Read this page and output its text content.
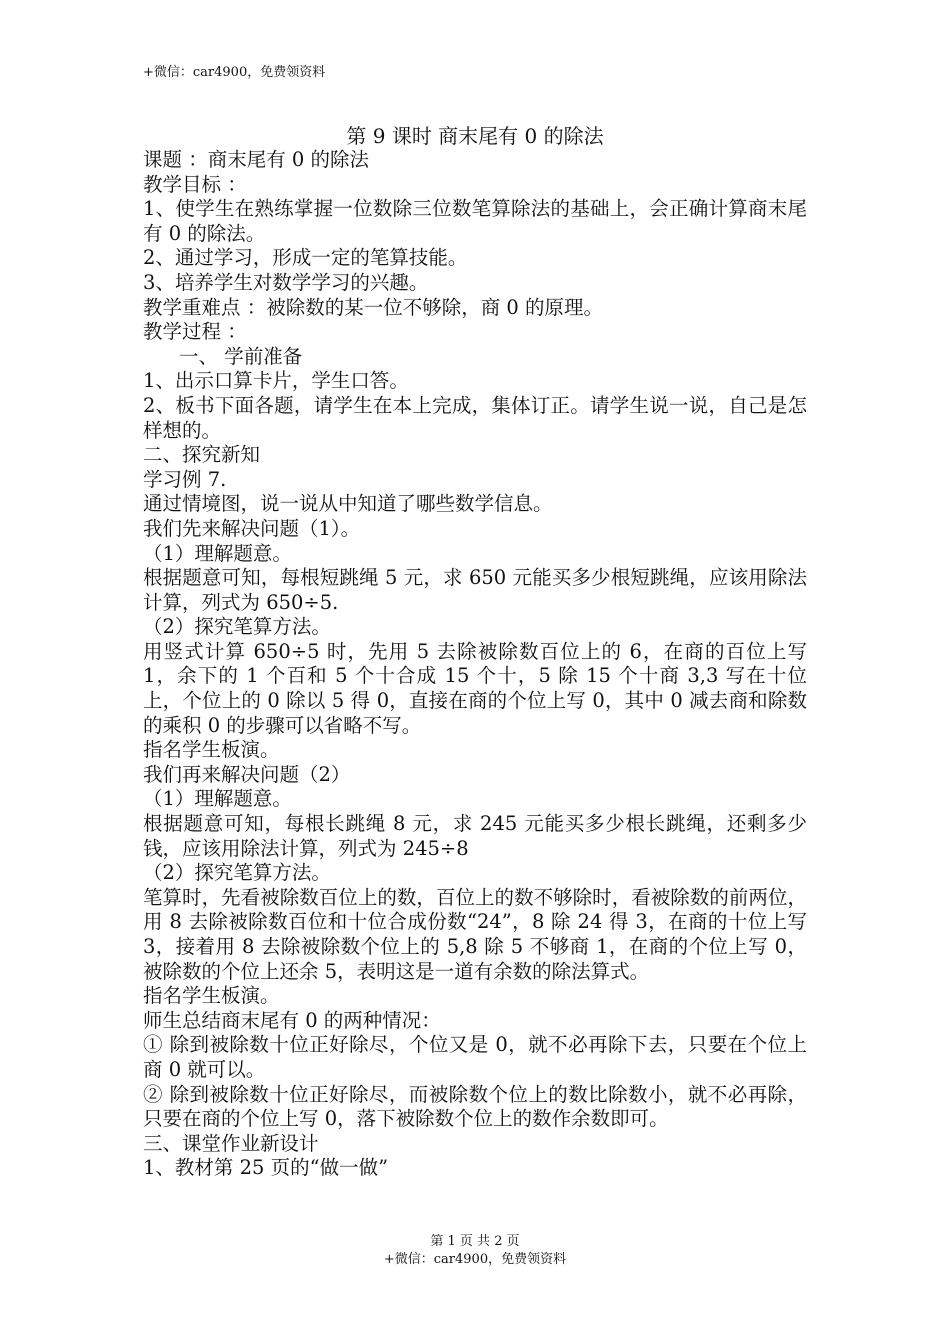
+微信：car4900，免费领资料
第 9 课时 商末尾有 0 的除法

课题 ：商末尾有 0 的除法

教学目标 ：

1、使学生在熟练掌握一位数除三位数笔算除法的基础上，会正确计算商末尾有 0 的除法。

2、通过学习，形成一定的笔算技能。

3、培养学生对数学学习的兴趣。

教学重难点 ：被除数的某一位不够除，商 0 的原理。

教学过程 ：

一、 学前准备

1、出示口算卡片，学生口答。

2、板书下面各题，请学生在本上完成，集体订正。请学生说一说，自己是怎样想的。

二、探究新知

学习例 7.

通过情境图，说一说从中知道了哪些数学信息。

我们先来解决问题（1）。

（1）理解题意。

根据题意可知，每根短跳绳 5 元，求 650 元能买多少根短跳绳，应该用除法计算，列式为 650÷5.

（2）探究笔算方法。

用竖式计算 650÷5 时，先用 5 去除被除数百位上的 6，在商的百位上写 1，余下的 1 个百和 5 个十合成 15 个十，5 除 15 个十商 3,3 写在十位上，个位上的 0 除以 5 得 0，直接在商的个位上写 0，其中 0 减去商和除数的乘积 0 的步骤可以省略不写。

指名学生板演。

我们再来解决问题（2）

（1）理解题意。

根据题意可知，每根长跳绳 8 元，求 245 元能买多少根长跳绳，还剩多少钱，应该用除法计算，列式为 245÷8

（2）探究笔算方法。

笔算时，先看被除数百位上的数，百位上的数不够除时，看被除数的前两位，用 8 去除被除数百位和十位合成份数“24”，8 除 24 得 3，在商的十位上写 3，接着用 8 去除被除数个位上的 5,8 除 5 不够商 1，在商的个位上写 0，被除数的个位上还余 5，表明这是一道有余数的除法算式。

指名学生板演。

师生总结商末尾有 0 的两种情况：

① 除到被除数十位正好除尽，个位又是 0，就不必再除下去，只要在个位上商 0 就可以。

② 除到被除数十位正好除尽，而被除数个位上的数比除数小，就不必再除，只要在商的个位上写 0，落下被除数个位上的数作余数即可。

三、课堂作业新设计

1、教材第 25 页的“做一做”

第 1 页 共 2 页
+微信：car4900，免费领资料
